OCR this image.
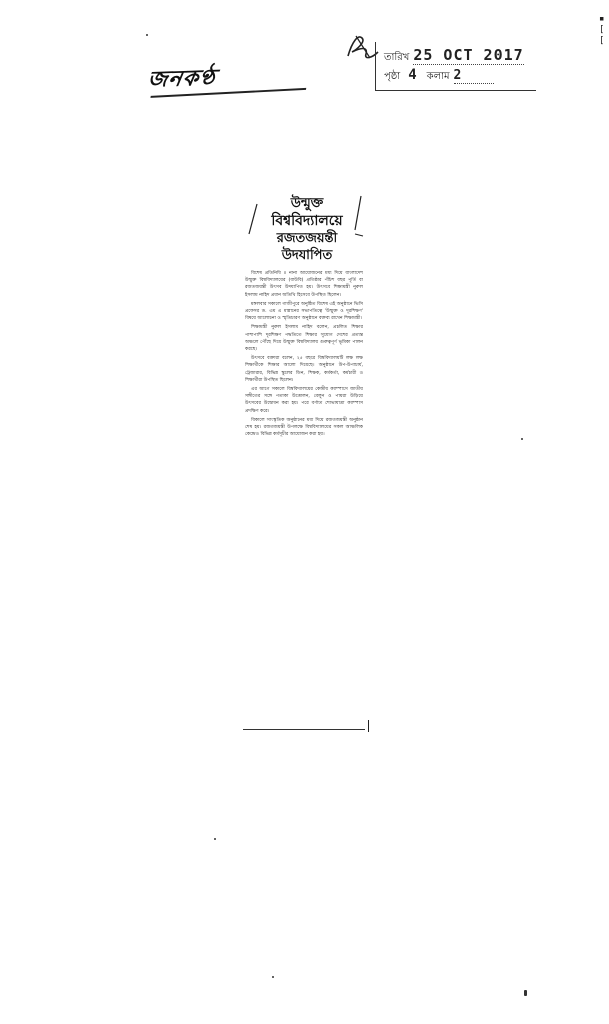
জনকণ্ঠ
তারিখ 25 OCT 2017
পৃষ্ঠা 4 কলাম 2
▪
[
[
উন্মুক্ত
বিশ্ববিদ্যালয়ে
রজতজয়ন্তী
উদযাপিত

বিশেষ প্রতিনিধি ॥ নানা আয়োজনের মধ্য দিয়ে বাংলাদেশ উন্মুক্ত বিশ্ববিদ্যালয়ের (বাউবি) প্রতিষ্ঠার পঁচিশ বছর পূর্তি বা রজতজয়ন্তী উৎসব উদযাপিত হয়। উৎসবে শিক্ষামন্ত্রী নুরুল ইসলাম নাহিদ প্রধান অতিথি হিসেবে উপস্থিত ছিলেন।

মঙ্গলবার সকালে গাজীপুরে অনুষ্ঠিত বিশেষ এই অনুষ্ঠানে ভিসি প্রফেসর ড. এম এ মান্নানের সভাপতিত্বে 'উন্মুক্ত ও দূরশিক্ষণ' বিষয়ে আলোচনা ও স্মৃতিচারণ অনুষ্ঠানে বক্তব্য রাখেন শিক্ষামন্ত্রী।

শিক্ষামন্ত্রী নুরুল ইসলাম নাহিদ বলেন, প্রচলিত শিক্ষার পাশাপাশি দূরশিক্ষণ পদ্ধতিতে শিক্ষার সুযোগ দেশের প্রত্যন্ত অঞ্চলে পৌঁছে দিয়ে উন্মুক্ত বিশ্ববিদ্যালয় গুরুত্বপূর্ণ ভূমিকা পালন করছে।

উৎসবে বক্তারা বলেন, ২৫ বছরে বিশ্ববিদ্যালয়টি লক্ষ লক্ষ শিক্ষার্থীকে শিক্ষার আলো দিয়েছে। অনুষ্ঠানে উপ-উপাচার্য, ট্রেজারার, বিভিন্ন স্কুলের ডিন, শিক্ষক, কর্মকর্তা, কর্মচারী ও শিক্ষার্থীরা উপস্থিত ছিলেন।

এর আগে সকালে বিশ্ববিদ্যালয়ের কেন্দ্রীয় ক্যাম্পাসে জাতীয় সঙ্গীতের সঙ্গে পতাকা উত্তোলন, বেলুন ও পায়রা উড়িয়ে উৎসবের উদ্বোধন করা হয়। পরে বর্ণাঢ্য শোভাযাত্রা ক্যাম্পাস প্রদক্ষিণ করে।

বিকালে সাংস্কৃতিক অনুষ্ঠানের মধ্য দিয়ে রজতজয়ন্তী অনুষ্ঠান শেষ হয়। রজতজয়ন্তী উপলক্ষে বিশ্ববিদ্যালয়ের সকল আঞ্চলিক কেন্দ্রেও বিভিন্ন কর্মসূচীর আয়োজন করা হয়।
